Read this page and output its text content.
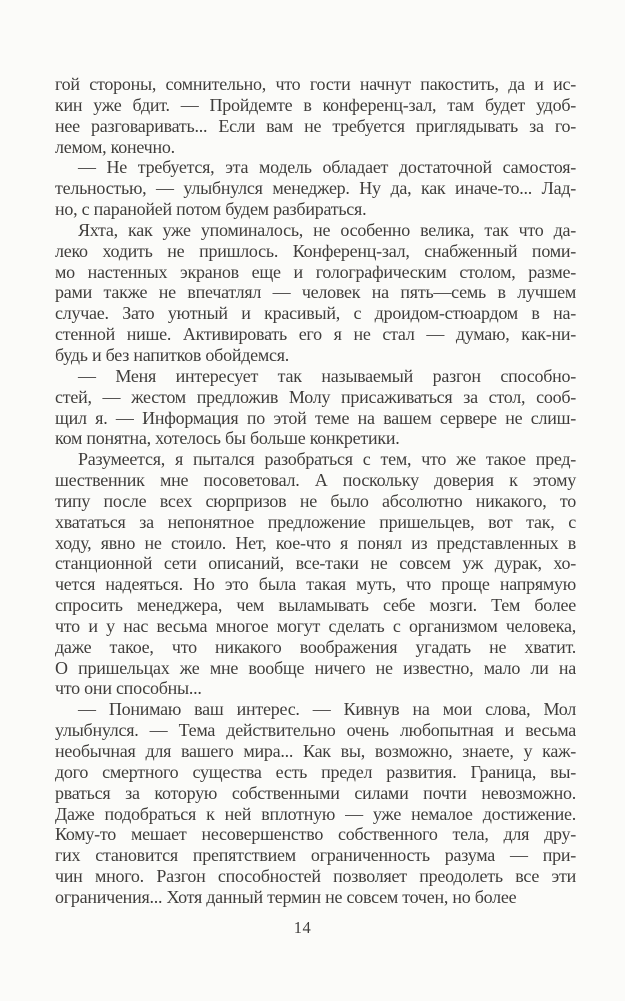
гой стороны, сомнительно, что гости начнут пакостить, да и ис-
кин уже бдит. — Пройдемте в конференц-зал, там будет удоб-
нее разговаривать... Если вам не требуется приглядывать за го-
лемом, конечно.
— Не требуется, эта модель обладает достаточной самостоя-
тельностью, — улыбнулся менеджер. Ну да, как иначе-то... Лад-
но, с паранойей потом будем разбираться.
Яхта, как уже упоминалось, не особенно велика, так что да-
леко ходить не пришлось. Конференц-зал, снабженный поми-
мо настенных экранов еще и голографическим столом, разме-
рами также не впечатлял — человек на пять—семь в лучшем
случае. Зато уютный и красивый, с дроидом-стюардом в на-
стенной нише. Активировать его я не стал — думаю, как-ни-
будь и без напитков обойдемся.
— Меня интересует так называемый разгон способно-
стей, — жестом предложив Молу присаживаться за стол, сооб-
щил я. — Информация по этой теме на вашем сервере не слиш-
ком понятна, хотелось бы больше конкретики.
Разумеется, я пытался разобраться с тем, что же такое пред-
шественник мне посоветовал. А поскольку доверия к этому
типу после всех сюрпризов не было абсолютно никакого, то
хвататься за непонятное предложение пришельцев, вот так, с
ходу, явно не стоило. Нет, кое-что я понял из представленных в
станционной сети описаний, все-таки не совсем уж дурак, хо-
чется надеяться. Но это была такая муть, что проще напрямую
спросить менеджера, чем выламывать себе мозги. Тем более
что и у нас весьма многое могут сделать с организмом человека,
даже такое, что никакого воображения угадать не хватит.
О пришельцах же мне вообще ничего не известно, мало ли на
что они способны...
— Понимаю ваш интерес. — Кивнув на мои слова, Мол
улыбнулся. — Тема действительно очень любопытная и весьма
необычная для вашего мира... Как вы, возможно, знаете, у каж-
дого смертного существа есть предел развития. Граница, вы-
рваться за которую собственными силами почти невозможно.
Даже подобраться к ней вплотную — уже немалое достижение.
Кому-то мешает несовершенство собственного тела, для дру-
гих становится препятствием ограниченность разума — при-
чин много. Разгон способностей позволяет преодолеть все эти
ограничения... Хотя данный термин не совсем точен, но более
14
